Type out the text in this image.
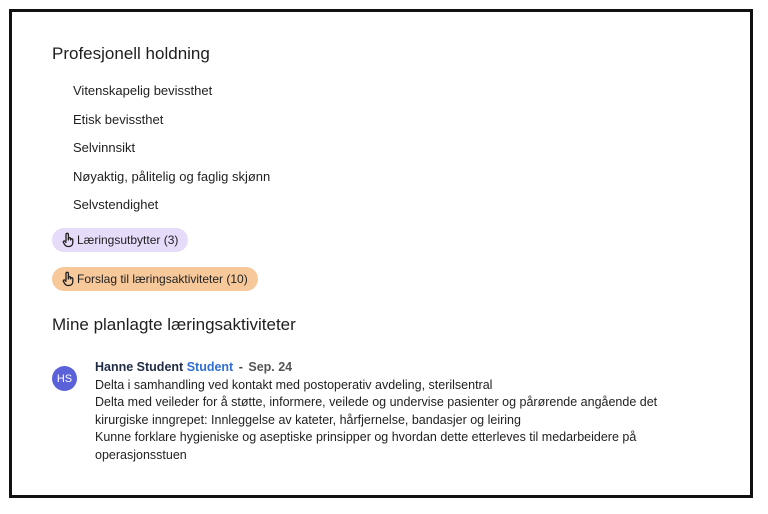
Profesjonell holdning
Vitenskapelig bevissthet
Etisk bevissthet
Selvinnsikt
Nøyaktig, pålitelig og faglig skjønn
Selvstendighet
Læringsutbytter (3)
Forslag til læringsaktiviteter (10)
Mine planlagte læringsaktiviteter
HS
Hanne Student Student - Sep. 24
Delta i samhandling ved kontakt med postoperativ avdeling, sterilsentral
Delta med veileder for å støtte, informere, veilede og undervise pasienter og pårørende angående det
kirurgiske inngrepet: Innleggelse av kateter, hårfjernelse, bandasjer og leiring
Kunne forklare hygieniske og aseptiske prinsipper og hvordan dette etterleves til medarbeidere på
operasjonsstuen
